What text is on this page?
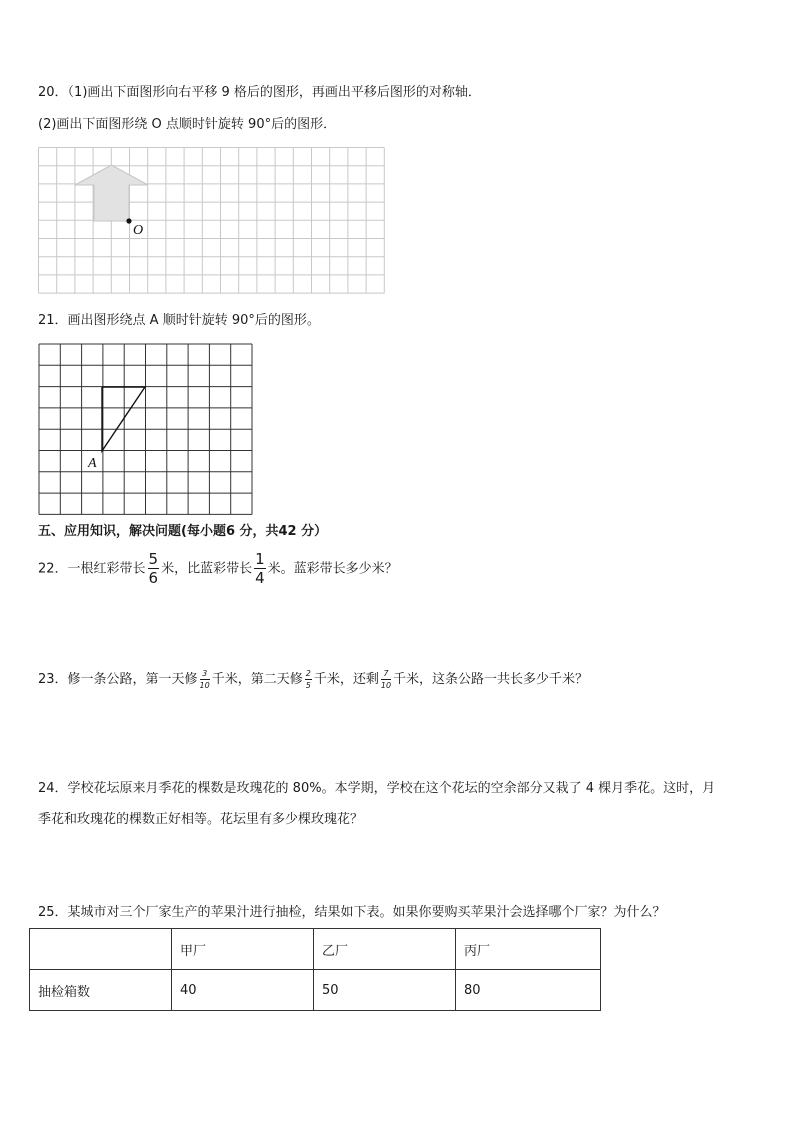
20．（1)画出下面图形向右平移 9 格后的图形，再画出平移后图形的对称轴．
(2)画出下面图形绕 O 点顺时针旋转 90°后的图形．
O
21．画出图形绕点 A 顺时针旋转 90°后的图形。
A
五、应用知识，解决问题(每小题6 分，共42 分）
22．一根红彩带长 $\frac{5}{6}$ 米，比蓝彩带长 $\frac{1}{4}$ 米。蓝彩带长多少米？
23．修一条公路，第一天修 $\frac{3}{10}$ 千米，第二天修 $\frac{2}{5}$ 千米，还剩 $\frac{7}{10}$ 千米，这条公路一共长多少千米？
24．学校花坛原来月季花的棵数是玫瑰花的 80%。本学期，学校在这个花坛的空余部分又栽了 4 棵月季花。这时，月
季花和玫瑰花的棵数正好相等。花坛里有多少棵玫瑰花？
25．某城市对三个厂家生产的苹果汁进行抽检，结果如下表。如果你要购买苹果汁会选择哪个厂家？为什么？
	甲厂	乙厂	丙厂
抽检箱数	40	50	80
